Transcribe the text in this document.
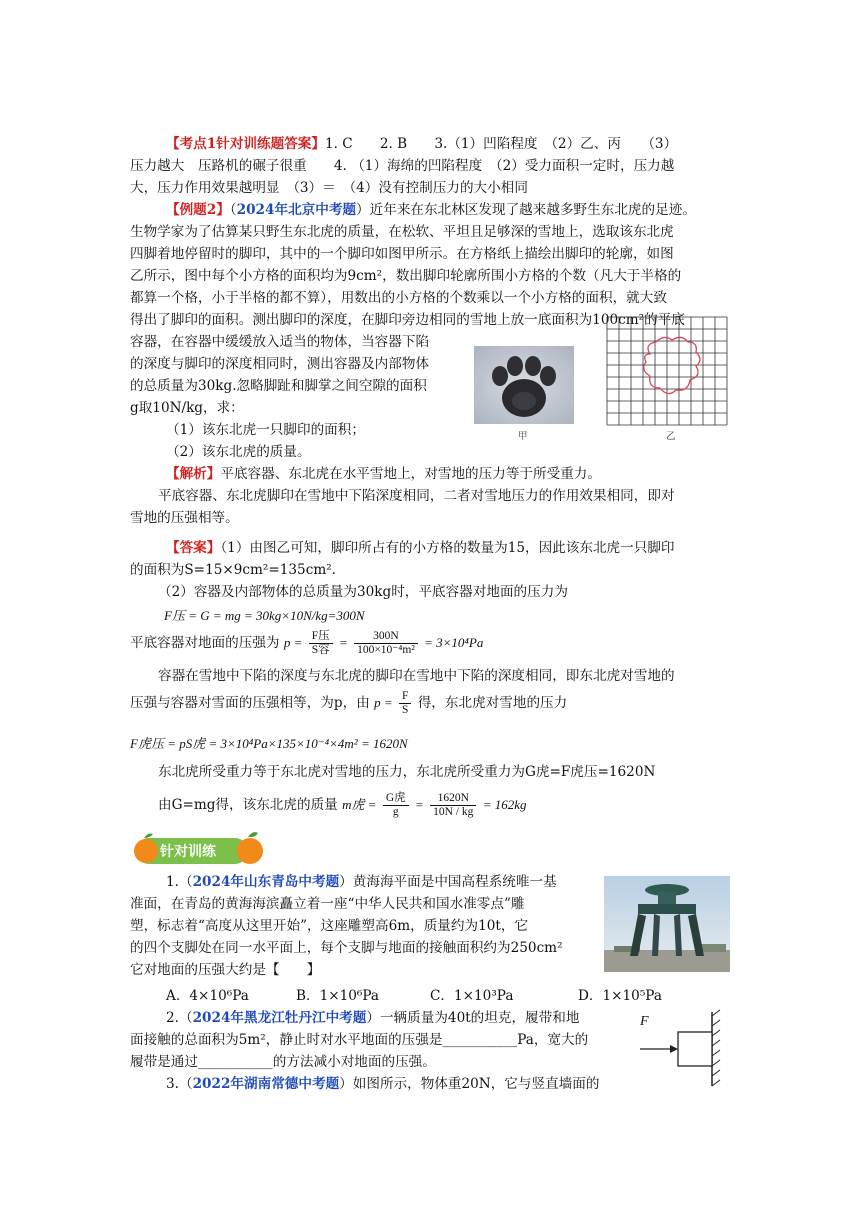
【考点1针对训练题答案】1. C　　2. B　　3.（1）凹陷程度　（2）乙、丙　　（3）
压力越大　压路机的碾子很重　　4. （1）海绵的凹陷程度　（2）受力面积一定时，压力越
大，压力作用效果越明显　（3）＝　（4）没有控制压力的大小相同
【例题2】（2024年北京中考题）近年来在东北林区发现了越来越多野生东北虎的足迹。
生物学家为了估算某只野生东北虎的质量，在松软、平坦且足够深的雪地上，选取该东北虎
四脚着地停留时的脚印，其中的一个脚印如图甲所示。在方格纸上描绘出脚印的轮廓，如图
乙所示，图中每个小方格的面积均为9cm²，数出脚印轮廓所围小方格的个数（凡大于半格的
都算一个格，小于半格的都不算），用数出的小方格的个数乘以一个小方格的面积，就大致
得出了脚印的面积。测出脚印的深度，在脚印旁边相同的雪地上放一底面积为100cm²的平底
容器，在容器中缓缓放入适当的物体，当容器下陷
的深度与脚印的深度相同时，测出容器及内部物体
的总质量为30kg.忽略脚趾和脚掌之间空隙的面积
g取10N/kg，求：
（1）该东北虎一只脚印的面积；
（2）该东北虎的质量。
甲	乙
【解析】平底容器、东北虎在水平雪地上，对雪地的压力等于所受重力。
平底容器、东北虎脚印在雪地中下陷深度相同，二者对雪地压力的作用效果相同，即对
雪地的压强相等。
【答案】（1）由图乙可知，脚印所占有的小方格的数量为15，因此该东北虎一只脚印
的面积为S=15×9cm²=135cm².
（2）容器及内部物体的总质量为30kg时，平底容器对地面的压力为
F压 = G = mg = 30kg×10N/kg=300N
平底容器对地面的压强为 $p = \frac{\text{F压}}{\text{S容}} = \frac{300N}{\text{100×10⁻⁴m²}} = 3\times 10^4Pa$
容器在雪地中下陷的深度与东北虎的脚印在雪地中下陷的深度相同，即东北虎对雪地的
压强与容器对雪面的压强相等，为p，由 $p = \frac{F}{S}$ 得，东北虎对雪地的压力
F虎压 = pS虎 = 3×10⁴Pa×135×10⁻⁴×4m² = 1620N
东北虎所受重力等于东北虎对雪地的压力，东北虎所受重力为G虎=F虎压=1620N
由G=mg得，该东北虎的质量 m虎 = $\frac{\text{G虎}}{g} = \frac{1620N}{10N / kg} = 162kg$
针对训练
1.（2024年山东青岛中考题）黄海海平面是中国高程系统唯一基
准面，在青岛的黄海海滨矗立着一座“中华人民共和国水准零点”雕
塑，标志着“高度从这里开始”，这座雕塑高6m，质量约为10t，它
的四个支脚处在同一水平面上，每个支脚与地面的接触面积约为250cm²
它对地面的压强大约是【　　】
A．4×10⁶Pa	B．1×10⁶Pa	C．1×10³Pa	D．1×10⁵Pa
2.（2024年黑龙江牡丹江中考题）一辆质量为40t的坦克，履带和地
面接触的总面积为5m²，静止时对水平地面的压强是___________Pa，宽大的
履带是通过___________的方法减小对地面的压强。
F
3.（2022年湖南常德中考题）如图所示，物体重20N，它与竖直墙面的
